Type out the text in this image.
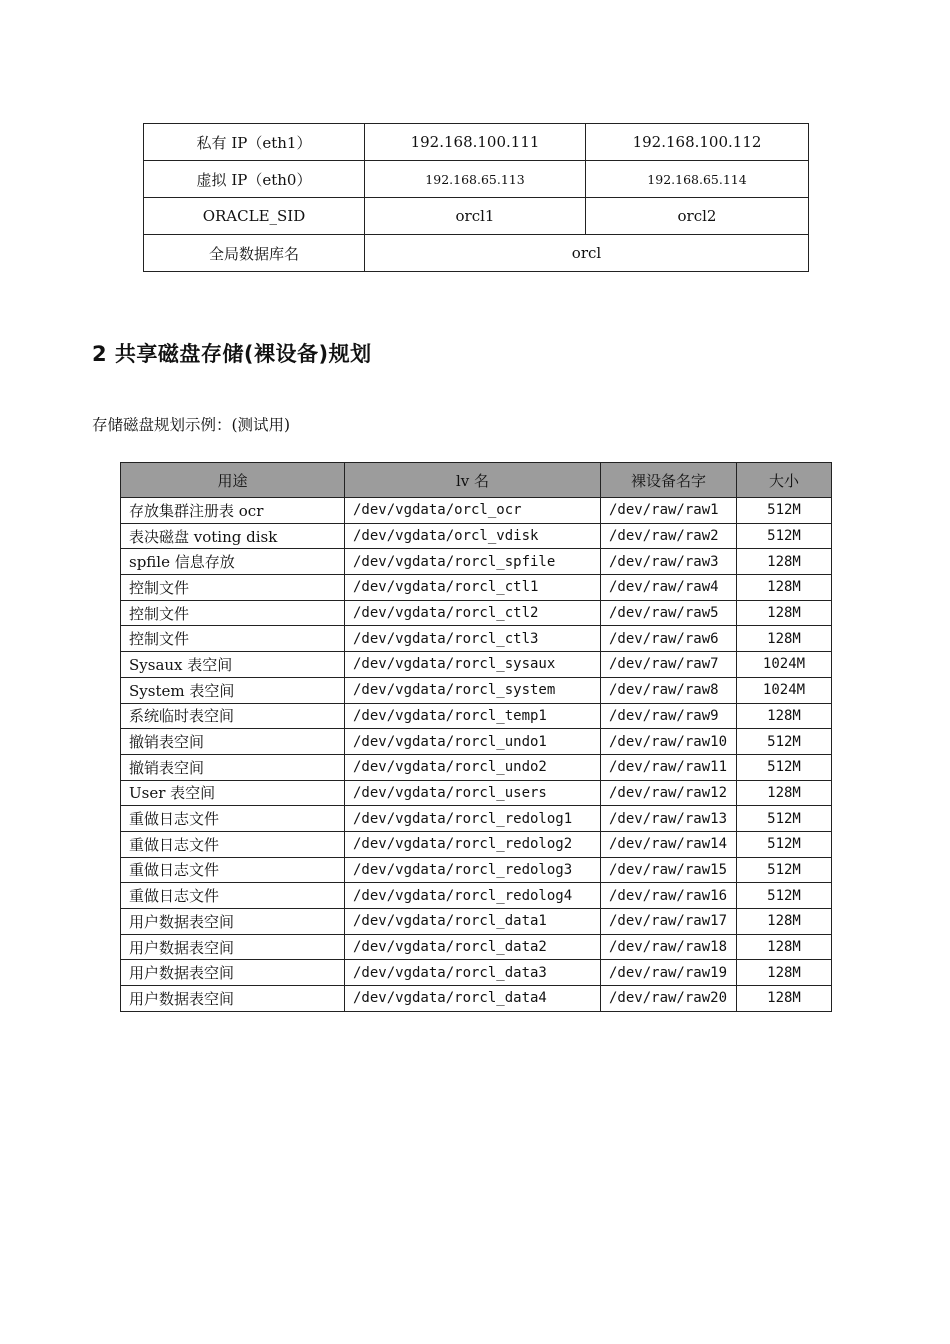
私有 IP（eth1）	192.168.100.111	192.168.100.112
虚拟 IP（eth0）	192.168.65.113	192.168.65.114
ORACLE_SID	orcl1	orcl2
全局数据库名	orcl	
2 共享磁盘存储(裸设备)规划

存储磁盘规划示例：(测试用)

用途	lv 名	裸设备名字	大小
存放集群注册表 ocr	/dev/vgdata/orcl_ocr	/dev/raw/raw1	512M
表决磁盘 voting disk	/dev/vgdata/orcl_vdisk	/dev/raw/raw2	512M
spfile 信息存放	/dev/vgdata/rorcl_spfile	/dev/raw/raw3	128M
控制文件	/dev/vgdata/rorcl_ctl1	/dev/raw/raw4	128M
控制文件	/dev/vgdata/rorcl_ctl2	/dev/raw/raw5	128M
控制文件	/dev/vgdata/rorcl_ctl3	/dev/raw/raw6	128M
Sysaux 表空间	/dev/vgdata/rorcl_sysaux	/dev/raw/raw7	1024M
System 表空间	/dev/vgdata/rorcl_system	/dev/raw/raw8	1024M
系统临时表空间	/dev/vgdata/rorcl_temp1	/dev/raw/raw9	128M
撤销表空间	/dev/vgdata/rorcl_undo1	/dev/raw/raw10	512M
撤销表空间	/dev/vgdata/rorcl_undo2	/dev/raw/raw11	512M
User 表空间	/dev/vgdata/rorcl_users	/dev/raw/raw12	128M
重做日志文件	/dev/vgdata/rorcl_redolog1	/dev/raw/raw13	512M
重做日志文件	/dev/vgdata/rorcl_redolog2	/dev/raw/raw14	512M
重做日志文件	/dev/vgdata/rorcl_redolog3	/dev/raw/raw15	512M
重做日志文件	/dev/vgdata/rorcl_redolog4	/dev/raw/raw16	512M
用户数据表空间	/dev/vgdata/rorcl_data1	/dev/raw/raw17	128M
用户数据表空间	/dev/vgdata/rorcl_data2	/dev/raw/raw18	128M
用户数据表空间	/dev/vgdata/rorcl_data3	/dev/raw/raw19	128M
用户数据表空间	/dev/vgdata/rorcl_data4	/dev/raw/raw20	128M
